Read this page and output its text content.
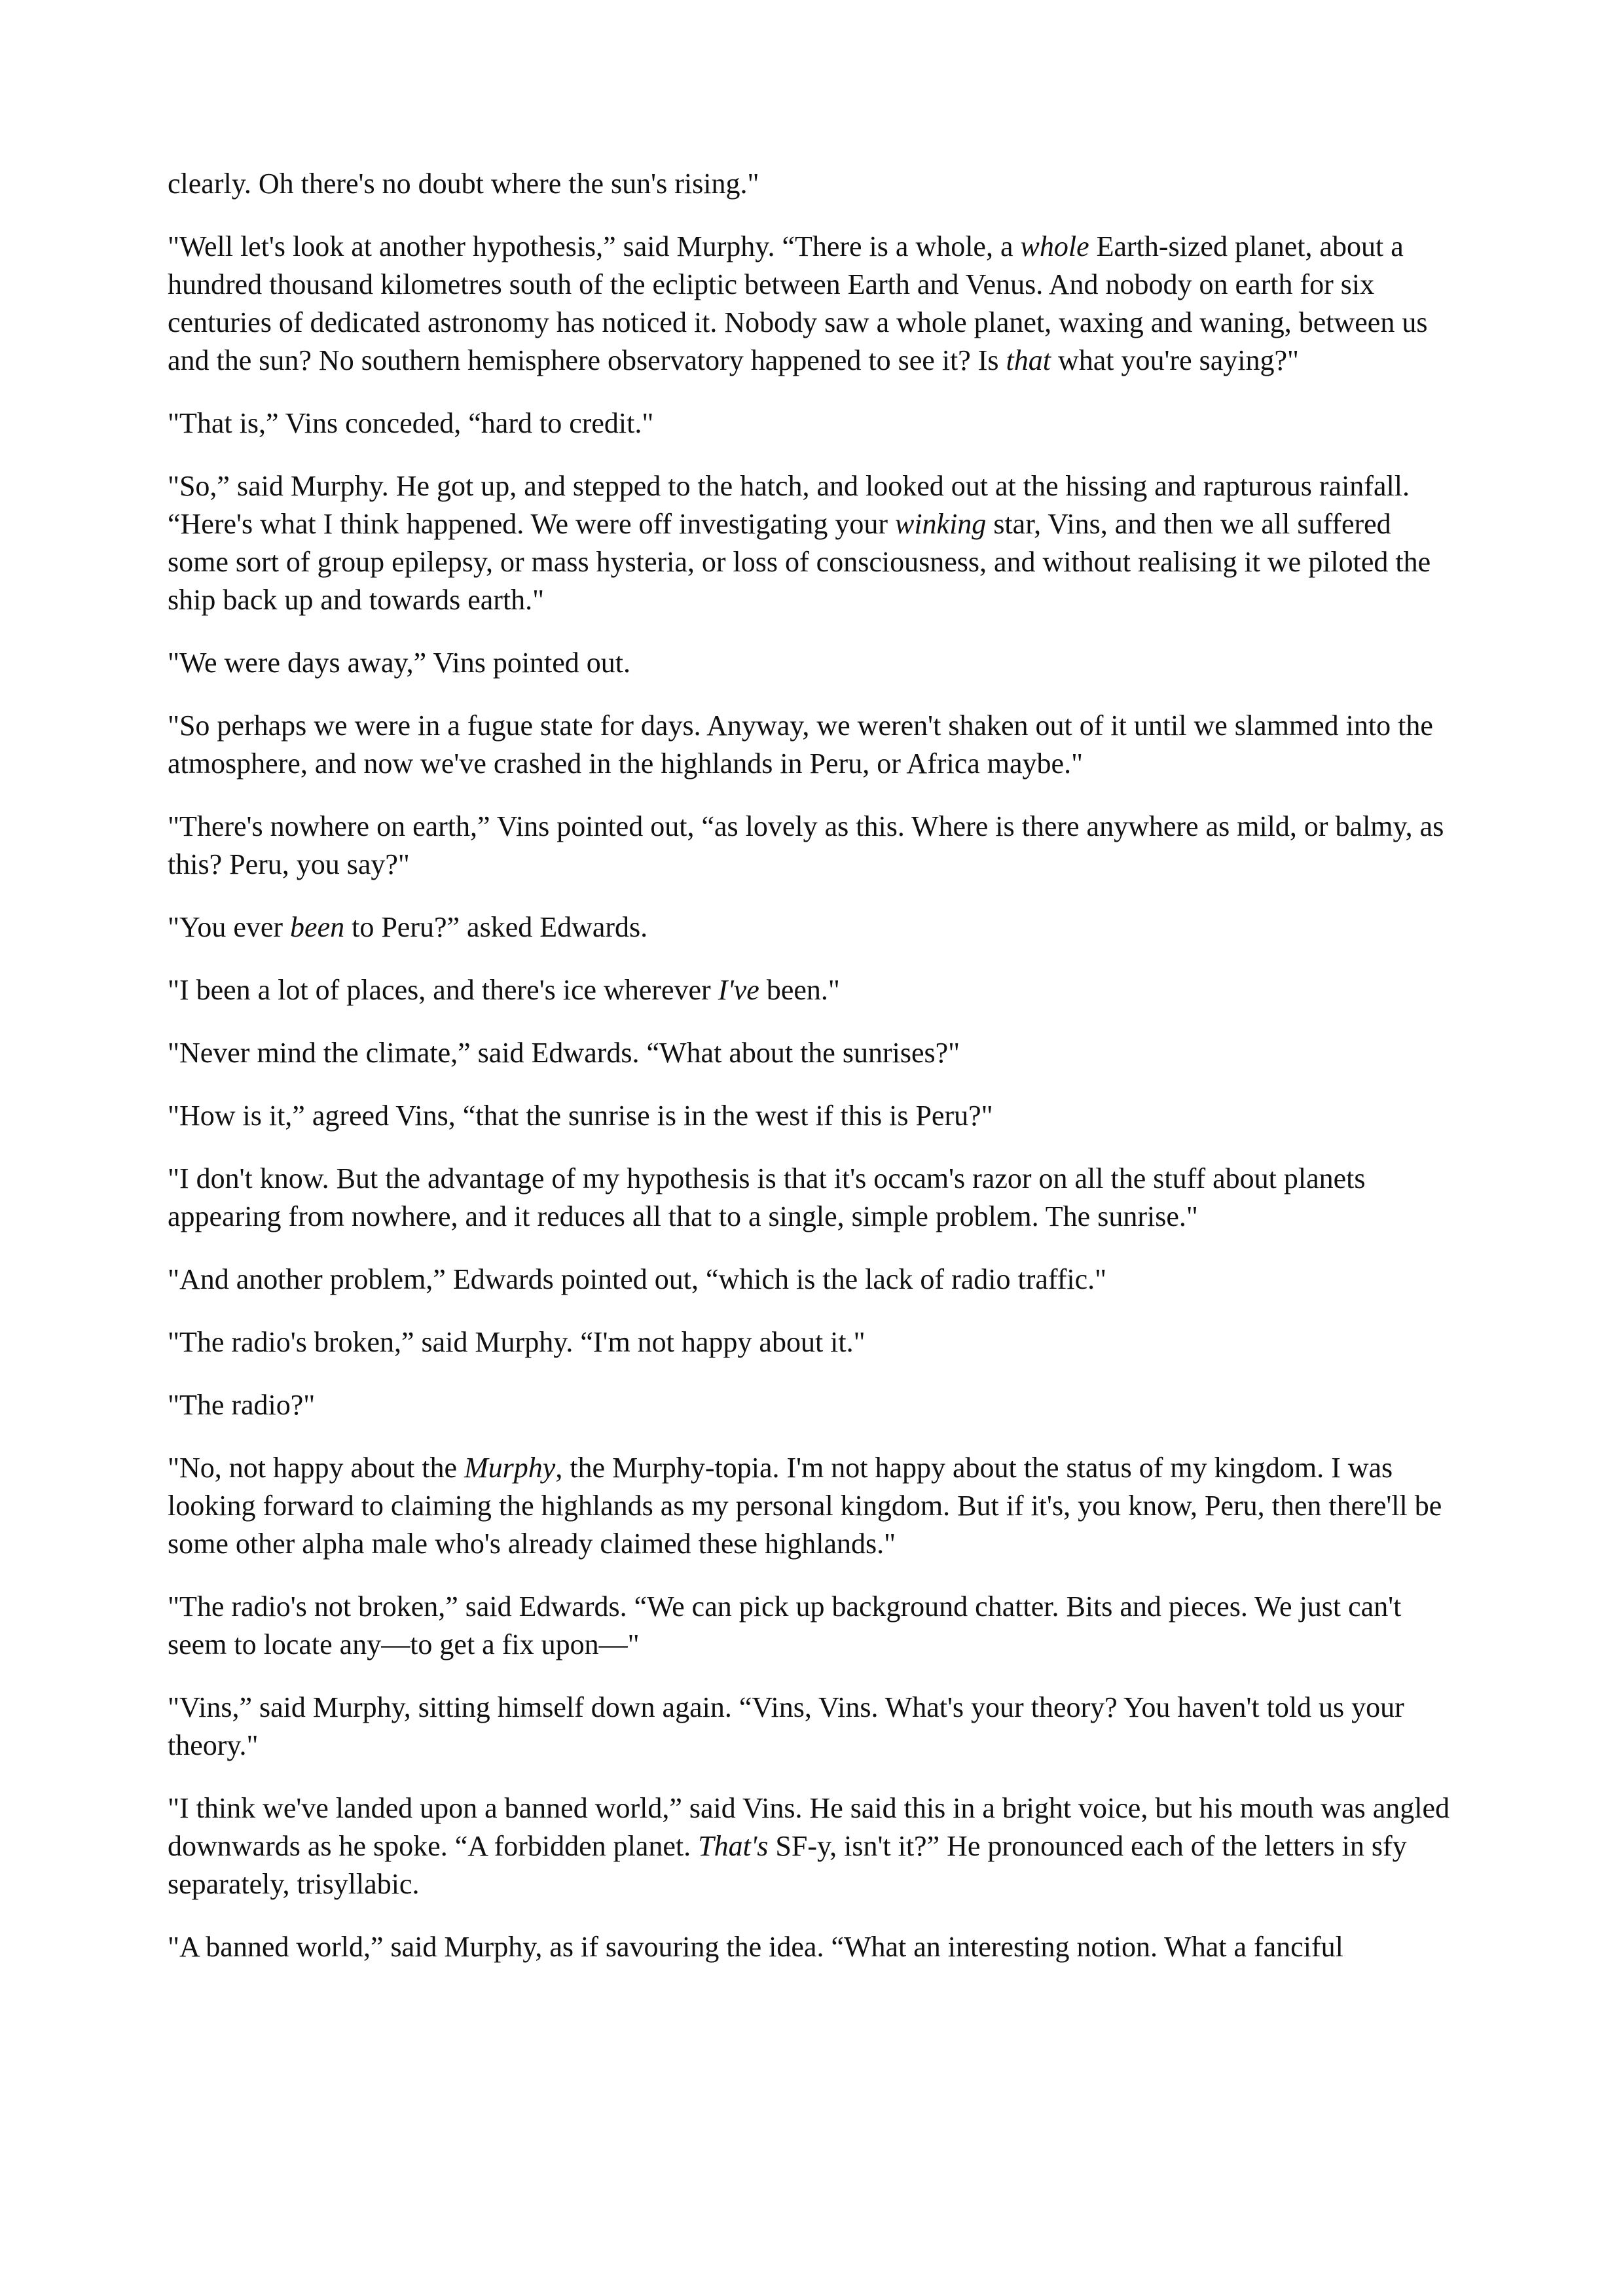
clearly. Oh there's no doubt where the sun's rising."

"Well let's look at another hypothesis,” said Murphy. “There is a whole, a whole Earth-sized planet, about a hundred thousand kilometres south of the ecliptic between Earth and Venus. And nobody on earth for six centuries of dedicated astronomy has noticed it. Nobody saw a whole planet, waxing and waning, between us and the sun? No southern hemisphere observatory happened to see it? Is that what you're saying?"

"That is,” Vins conceded, “hard to credit."

"So,” said Murphy. He got up, and stepped to the hatch, and looked out at the hissing and rapturous rainfall. “Here's what I think happened. We were off investigating your winking star, Vins, and then we all suffered some sort of group epilepsy, or mass hysteria, or loss of consciousness, and without realising it we piloted the ship back up and towards earth."

"We were days away,” Vins pointed out.

"So perhaps we were in a fugue state for days. Anyway, we weren't shaken out of it until we slammed into the atmosphere, and now we've crashed in the highlands in Peru, or Africa maybe."

"There's nowhere on earth,” Vins pointed out, “as lovely as this. Where is there anywhere as mild, or balmy, as this? Peru, you say?"

"You ever been to Peru?” asked Edwards.

"I been a lot of places, and there's ice wherever I've been."

"Never mind the climate,” said Edwards. “What about the sunrises?"

"How is it,” agreed Vins, “that the sunrise is in the west if this is Peru?"

"I don't know. But the advantage of my hypothesis is that it's occam's razor on all the stuff about planets appearing from nowhere, and it reduces all that to a single, simple problem. The sunrise."

"And another problem,” Edwards pointed out, “which is the lack of radio traffic."

"The radio's broken,” said Murphy. “I'm not happy about it."

"The radio?"

"No, not happy about the Murphy, the Murphy-topia. I'm not happy about the status of my kingdom. I was looking forward to claiming the highlands as my personal kingdom. But if it's, you know, Peru, then there'll be some other alpha male who's already claimed these highlands."

"The radio's not broken,” said Edwards. “We can pick up background chatter. Bits and pieces. We just can't seem to locate any—to get a fix upon—"

"Vins,” said Murphy, sitting himself down again. “Vins, Vins. What's your theory? You haven't told us your theory."

"I think we've landed upon a banned world,” said Vins. He said this in a bright voice, but his mouth was angled downwards as he spoke. “A forbidden planet. That's SF-y, isn't it?” He pronounced each of the letters in sfy separately, trisyllabic.

"A banned world,” said Murphy, as if savouring the idea. “What an interesting notion. What a fanciful
